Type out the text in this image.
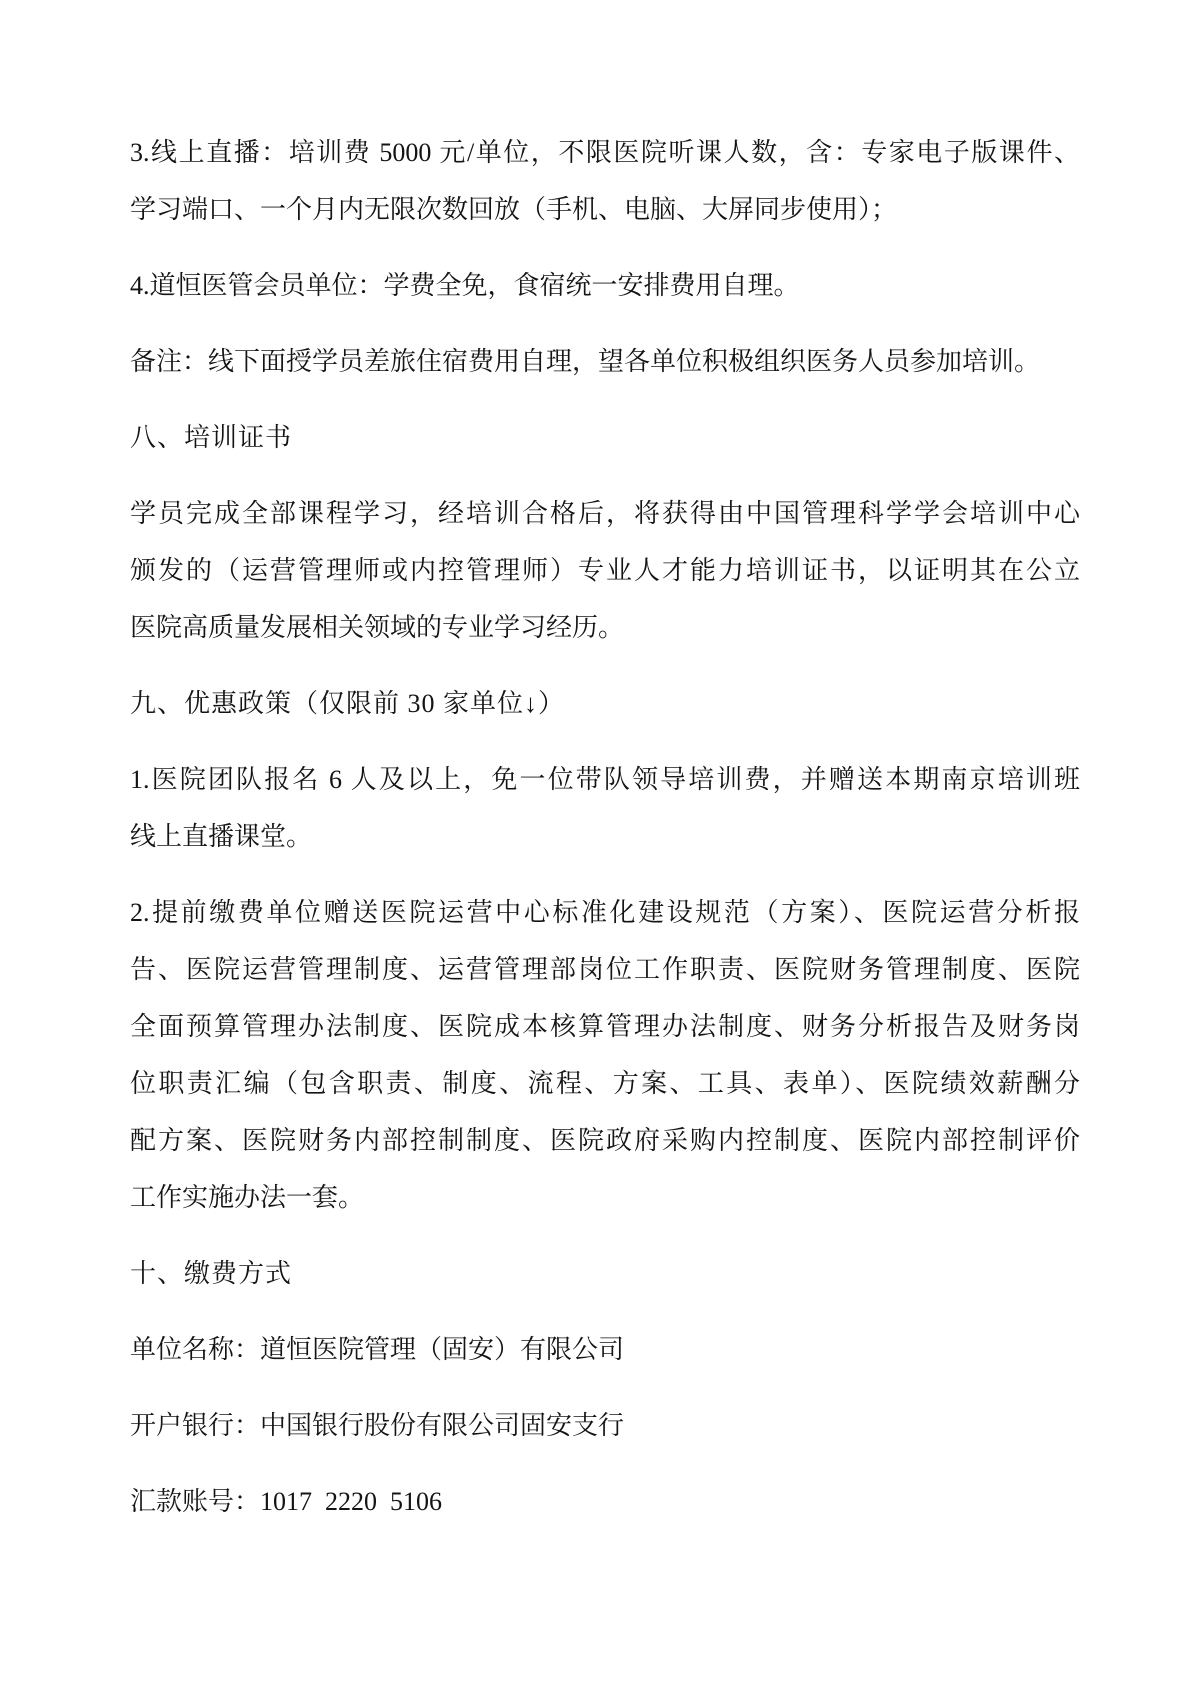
3.线上直播：培训费 5000 元/单位，不限医院听课人数，含：专家电子版课件、
学习端口、一个月内无限次数回放（手机、电脑、大屏同步使用）；

4.道恒医管会员单位：学费全免，食宿统一安排费用自理。

备注：线下面授学员差旅住宿费用自理，望各单位积极组织医务人员参加培训。

八、培训证书

学员完成全部课程学习，经培训合格后，将获得由中国管理科学学会培训中心
颁发的（运营管理师或内控管理师）专业人才能力培训证书，以证明其在公立
医院高质量发展相关领域的专业学习经历。

九、优惠政策（仅限前 30 家单位↓）

1.医院团队报名 6 人及以上，免一位带队领导培训费，并赠送本期南京培训班
线上直播课堂。

2.提前缴费单位赠送医院运营中心标准化建设规范（方案）、医院运营分析报
告、医院运营管理制度、运营管理部岗位工作职责、医院财务管理制度、医院
全面预算管理办法制度、医院成本核算管理办法制度、财务分析报告及财务岗
位职责汇编（包含职责、制度、流程、方案、工具、表单）、医院绩效薪酬分
配方案、医院财务内部控制制度、医院政府采购内控制度、医院内部控制评价
工作实施办法一套。

十、缴费方式

单位名称：道恒医院管理（固安）有限公司

开户银行：中国银行股份有限公司固安支行

汇款账号：1017  2220  5106
